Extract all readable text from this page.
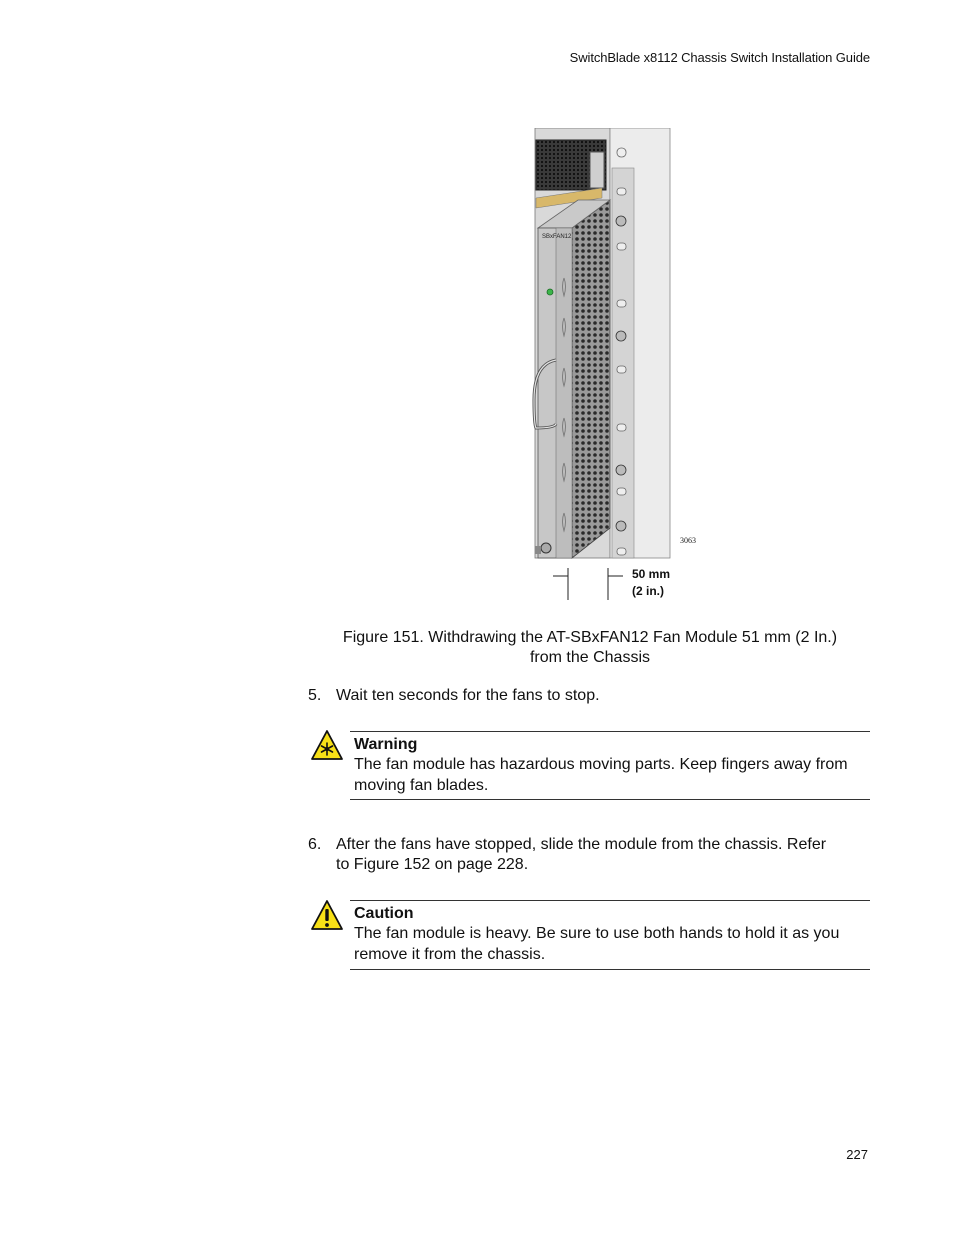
SwitchBlade x8112 Chassis Switch Installation Guide
SBxFAN12
3063
50 mm
(2 in.)
Figure 151. Withdrawing the AT-SBxFAN12 Fan Module 51 mm (2 In.)
from the Chassis
5. Wait ten seconds for the fans to stop.
Warning
The fan module has hazardous moving parts. Keep fingers away from moving fan blades.
6. After the fans have stopped, slide the module from the chassis. Refer
to Figure 152 on page 228.
Caution
The fan module is heavy. Be sure to use both hands to hold it as you remove it from the chassis.
227
